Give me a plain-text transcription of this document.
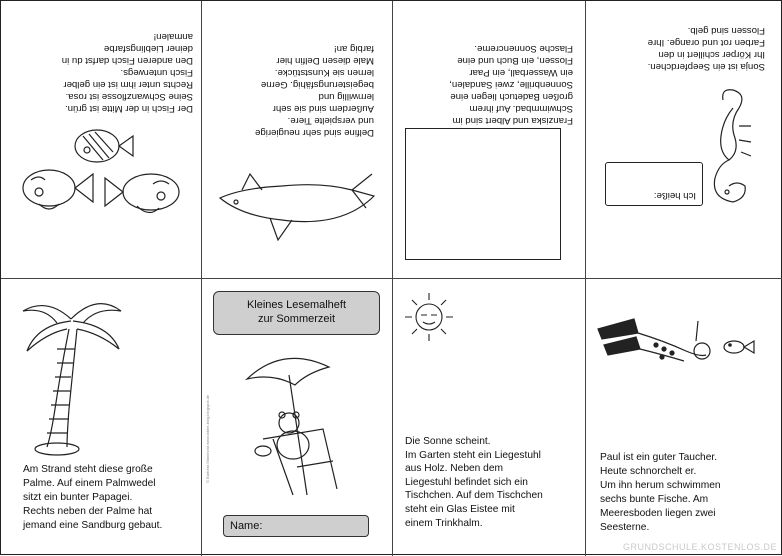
Der Fisch in der Mitte ist grün.
Seine Schwanzflosse ist rosa.
Rechts unter ihm ist ein gelber
Fisch unterwegs.
Den anderen Fisch darfst du in
deiner Lieblingsfarbe
anmalen!
Delfine sind sehr neugierige
und verspielte Tiere.
Außerdem sind sie sehr
lernwillig und
begeisterungsfähig. Gerne
lernen sie Kunststücke.
Male diesen Delfin hier
farbig an!
Franziska und Albert sind im
Schwimmbad. Auf ihrem
großen Badetuch liegen eine
Sonnenbrille, zwei Sandalen,
ein Wasserball, ein Paar
Flossen, ein Buch und eine
Flasche Sonnencreme.
Sonja ist ein Seepferdchen.
Ihr Körper schillert in den
Farben rot und orange. Ihre
Flossen sind gelb.
Ich heiße:
Am Strand steht diese große
Palme. Auf einem Palmwedel
sitzt ein bunter Papagei.
Rechts neben der Palme hat
jemand eine Sandburg gebaut.
Kleines Lesemalheft
zur Sommerzeit
© Barbara Mannhold www.labbe-blog.blogspot.de
Name:
Die Sonne scheint.
Im Garten steht ein Liegestuhl
aus Holz. Neben dem
Liegestuhl befindet sich ein
Tischchen. Auf dem Tischchen
steht ein Glas Eistee mit
einem Trinkhalm.
Paul ist ein guter Taucher.
Heute schnorchelt er.
Um ihn herum schwimmen
sechs bunte Fische. Am
Meeresboden liegen zwei
Seesterne.
GRUNDSCHULE.KOSTENLOS.DE
